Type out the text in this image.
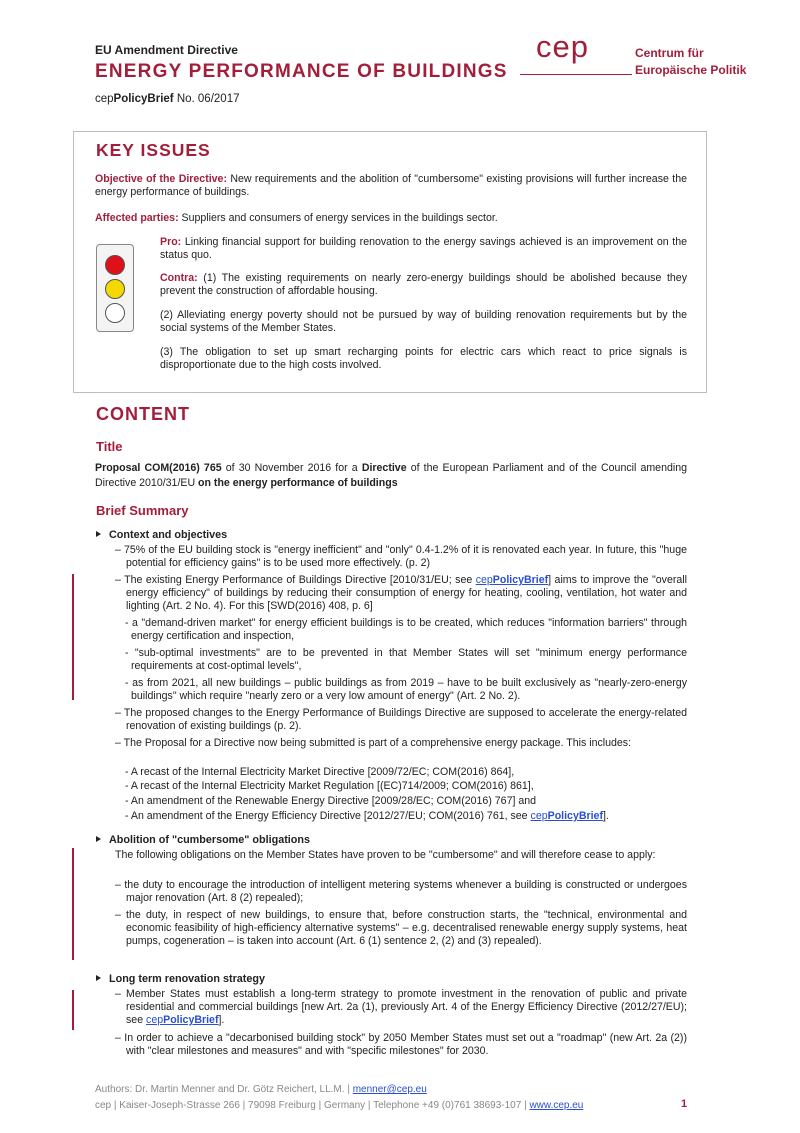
EU Amendment Directive
ENERGY PERFORMANCE OF BUILDINGS
cepPolicyBrief No. 06/2017
cep	Centrum für
Europäische Politik
KEY ISSUES
Objective of the Directive: New requirements and the abolition of "cumbersome" existing provisions will further increase the energy performance of buildings.
Affected parties: Suppliers and consumers of energy services in the buildings sector.
Pro: Linking financial support for building renovation to the energy savings achieved is an improvement on the status quo.
Contra: (1) The existing requirements on nearly zero-energy buildings should be abolished because they prevent the construction of affordable housing.
(2) Alleviating energy poverty should not be pursued by way of building renovation requirements but by the social systems of the Member States.
(3) The obligation to set up smart recharging points for electric cars which react to price signals is disproportionate due to the high costs involved.
CONTENT
Title
Proposal COM(2016) 765 of 30 November 2016 for a Directive of the European Parliament and of the Council amending Directive 2010/31/EU on the energy performance of buildings
Brief Summary
Context and objectives
– 75% of the EU building stock is "energy inefficient" and "only" 0.4-1.2% of it is renovated each year. In future, this "huge potential for efficiency gains" is to be used more effectively. (p. 2)
– The existing Energy Performance of Buildings Directive [2010/31/EU; see cepPolicyBrief] aims to improve the "overall energy efficiency" of buildings by reducing their consumption of energy for heating, cooling, ventilation, hot water and lighting (Art. 2 No. 4). For this [SWD(2016) 408, p. 6]
- a "demand-driven market" for energy efficient buildings is to be created, which reduces "information barriers" through energy certification and inspection,
- "sub-optimal investments" are to be prevented in that Member States will set "minimum energy performance requirements at cost-optimal levels",
- as from 2021, all new buildings – public buildings as from 2019 – have to be built exclusively as "nearly-zero-energy buildings" which require "nearly zero or a very low amount of energy" (Art. 2 No. 2).
– The proposed changes to the Energy Performance of Buildings Directive are supposed to accelerate the energy-related renovation of existing buildings (p. 2).
– The Proposal for a Directive now being submitted is part of a comprehensive energy package. This includes:
- A recast of the Internal Electricity Market Directive [2009/72/EC; COM(2016) 864],
- A recast of the Internal Electricity Market Regulation [(EC)714/2009; COM(2016) 861],
- An amendment of the Renewable Energy Directive [2009/28/EC; COM(2016) 767] and
- An amendment of the Energy Efficiency Directive [2012/27/EU; COM(2016) 761, see cepPolicyBrief].
Abolition of "cumbersome" obligations
The following obligations on the Member States have proven to be "cumbersome" and will therefore cease to apply:
– the duty to encourage the introduction of intelligent metering systems whenever a building is constructed or undergoes major renovation (Art. 8 (2) repealed);
– the duty, in respect of new buildings, to ensure that, before construction starts, the "technical, environmental and economic feasibility of high-efficiency alternative systems" – e.g. decentralised renewable energy supply systems, heat pumps, cogeneration – is taken into account (Art. 6 (1) sentence 2, (2) and (3) repealed).
Long term renovation strategy
– Member States must establish a long-term strategy to promote investment in the renovation of public and private residential and commercial buildings [new Art. 2a (1), previously Art. 4 of the Energy Efficiency Directive (2012/27/EU); see cepPolicyBrief].
– In order to achieve a "decarbonised building stock" by 2050 Member States must set out a "roadmap" (new Art. 2a (2)) with "clear milestones and measures" and with "specific milestones" for 2030.
Authors: Dr. Martin Menner and Dr. Götz Reichert, LL.M. | menner@cep.eu
cep | Kaiser-Joseph-Strasse 266 | 79098 Freiburg | Germany | Telephone +49 (0)761 38693-107 | www.cep.eu	1
